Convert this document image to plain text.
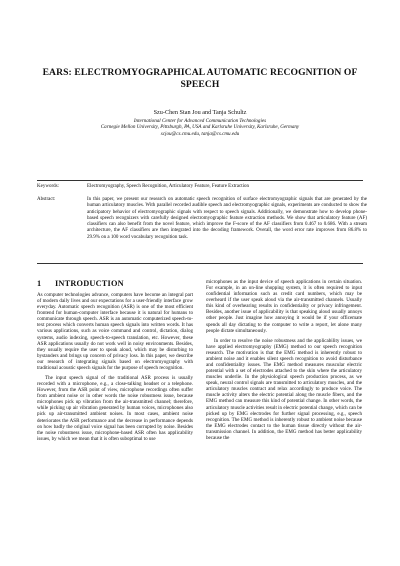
EARS: ELECTROMYOGRAPHICAL AUTOMATIC RECOGNITION OF SPEECH
Szu-Chen Stan Jou and Tanja Schultz
International Center for Advanced Communication Technologies
Carnegie Mellon University, Pittsburgh, PA, USA and Karlsruhe University, Karlsruhe, Germany
scjou@cs.cmu.edu, tanja@cs.cmu.edu
Keywords:	Electromyography, Speech Recognition, Articulatory Feature, Feature Extraction
Abstract:	In this paper, we present our research on automatic speech recognition of surface electromyographic signals that are generated by the human articulatory muscles. With parallel recorded audible speech and electromyographic signals, experiments are conducted to show the anticipatory behavior of electromyographic signals with respect to speech signals. Additionally, we demonstrate how to develop phone-based speech recognizers with carefully designed electromyographic feature extraction methods. We show that articulatory feature (AF) classifiers can also benefit from the novel feature, which improve the F-score of the AF classifiers from 0.467 to 0.686. With a stream architecture, the AF classifiers are then integrated into the decoding framework. Overall, the word error rate improves from 86.8% to 29.9% on a 100 word vocabulary recognition task.
1 INTRODUCTION

As computer technologies advance, computers have become an integral part of modern daily lives and our expectations for a user-friendly interface grow everyday. Automatic speech recognition (ASR) is one of the most efficient frontend for human-computer interface because it is natural for humans to communicate through speech. ASR is an automatic computerized speech-to-text process which converts human speech signals into written words. It has various applications, such as voice command and control, dictation, dialog systems, audio indexing, speech-to-speech translation, etc. However, these ASR applications usually do not work well in noisy environments. Besides, they usually require the user to speak aloud, which may be disturbing to bystanders and brings up concern of privacy loss. In this paper, we describe our research of integrating signals based on electromyography with traditional acoustic speech signals for the purpose of speech recognition.

The input speech signal of the traditional ASR process is usually recorded with a microphone, e.g., a close-talking headset or a telephone. However, from the ASR point of view, microphone recordings often suffer from ambient noise or in other words the noise robustness issue, because microphones pick up vibration from the air-transmitted channel; therefore, while picking up air vibration generated by human voices, microphones also pick up air-transmitted ambient noises. In most cases, ambient noise deteriorates the ASR performance and the decrease in performance depends on how badly the original voice signal has been corrupted by noise. Besides the noise robustness issue, microphone-based ASR often has applicability issues, by which we mean that it is often suboptimal to use

microphones as the input device of speech applications in certain situation. For example, in an on-line shopping system, it is often required to input confidential information such as credit card numbers, which may be overheard if the user speak aloud via the air-transmitted channels. Usually this kind of overhearing results in confidentiality or privacy infringement. Besides, another issue of applicability is that speaking aloud usually annoys other people. Just imagine how annoying it would be if your officemate spends all day dictating to the computer to write a report, let alone many people dictate simultaneously.

In order to resolve the noise robustness and the applicability issues, we have applied electromyography (EMG) method to our speech recognition research. The motivation is that the EMG method is inherently robust to ambient noise and it enables silent speech recognition to avoid disturbance and confidentiality issues. The EMG method measures muscular electric potential with a set of electrodes attached to the skin where the articulatory muscles underlie. In the physiological speech production process, as we speak, neural control signals are transmitted to articulatory muscles, and the articulatory muscles contract and relax accordingly to produce voice. The muscle activity alters the electric potential along the muscle fibers, and the EMG method can measure this kind of potential change. In other words, the articulatory muscle activities result in electric potential change, which can be picked up by EMG electrodes for further signal processing, e.g., speech recognition. The EMG method is inherently robust to ambient noise because the EMG electrodes contact to the human tissue directly without the air-transmission channel. In addition, the EMG method has better applicability because the
